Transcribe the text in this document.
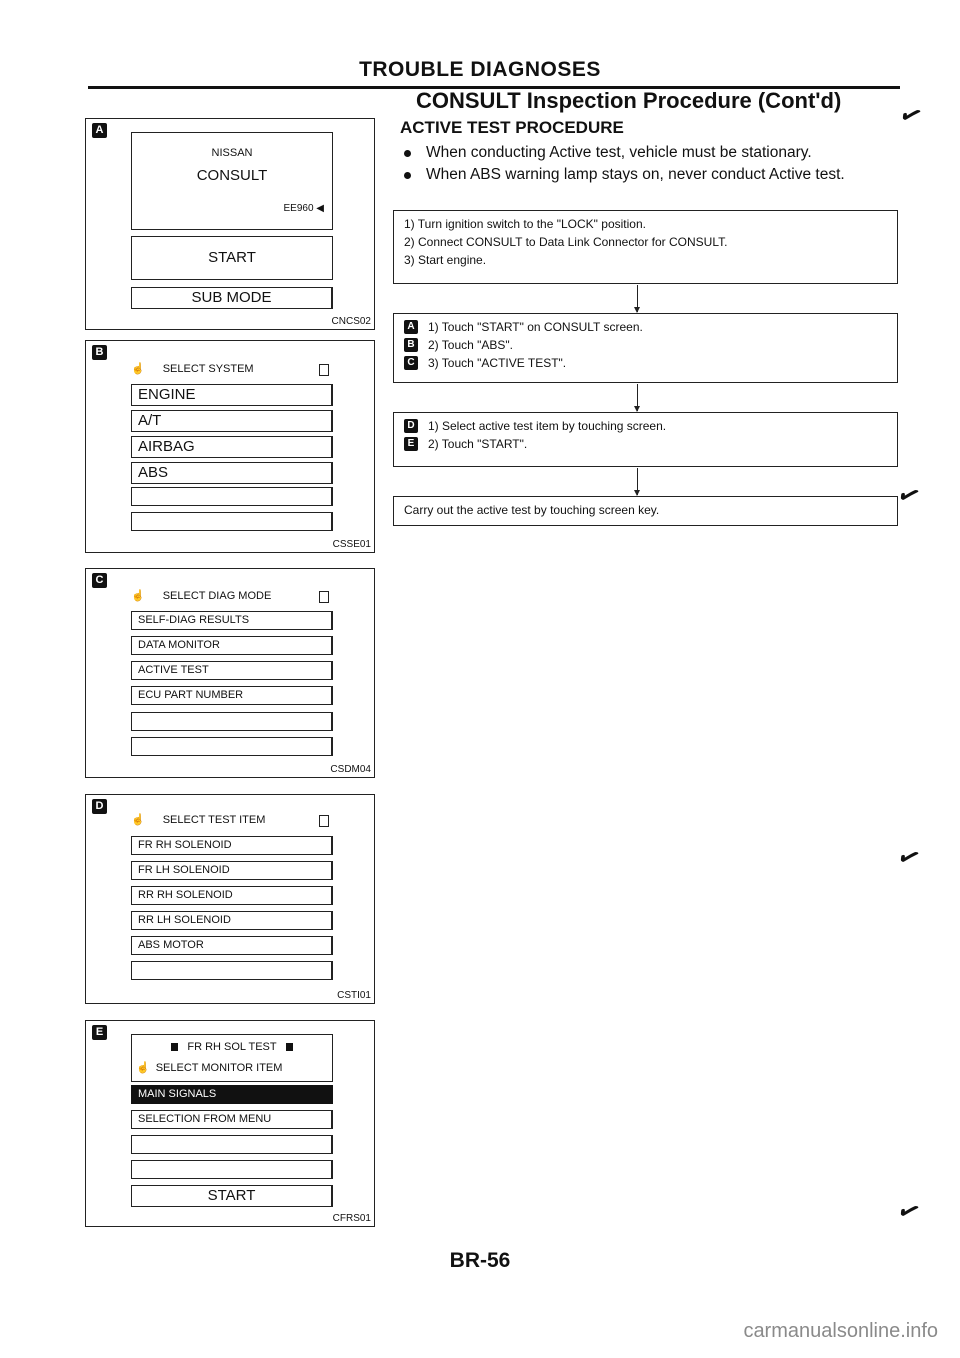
TROUBLE DIAGNOSES
CONSULT Inspection Procedure (Cont'd)
ACTIVE TEST PROCEDURE
When conducting Active test, vehicle must be stationary.
When ABS warning lamp stays on, never conduct Active test.
A
NISSAN
CONSULT
EE960 ◀
START
SUB MODE
CNCS02
B
☝ SELECT SYSTEM
ENGINE
A/T
AIRBAG
ABS
CSSE01
C
☝ SELECT DIAG MODE
SELF-DIAG RESULTS
DATA MONITOR
ACTIVE TEST
ECU PART NUMBER
CSDM04
D
☝ SELECT TEST ITEM
FR RH SOLENOID
FR LH SOLENOID
RR RH SOLENOID
RR LH SOLENOID
ABS MOTOR
CSTI01
E
FR RH SOL TEST
☝ SELECT MONITOR ITEM
MAIN SIGNALS
SELECTION FROM MENU
START
CFRS01
1) Turn ignition switch to the "LOCK" position.
2) Connect CONSULT to Data Link Connector for CONSULT.
3) Start engine.
A 1) Touch "START" on CONSULT screen.
B 2) Touch "ABS".
C 3) Touch "ACTIVE TEST".
D 1) Select active test item by touching screen.
E	2) Touch "START".
Carry out the active test by touching screen key.
✓
✓
✓
✓
BR-56
carmanualsonline.info
